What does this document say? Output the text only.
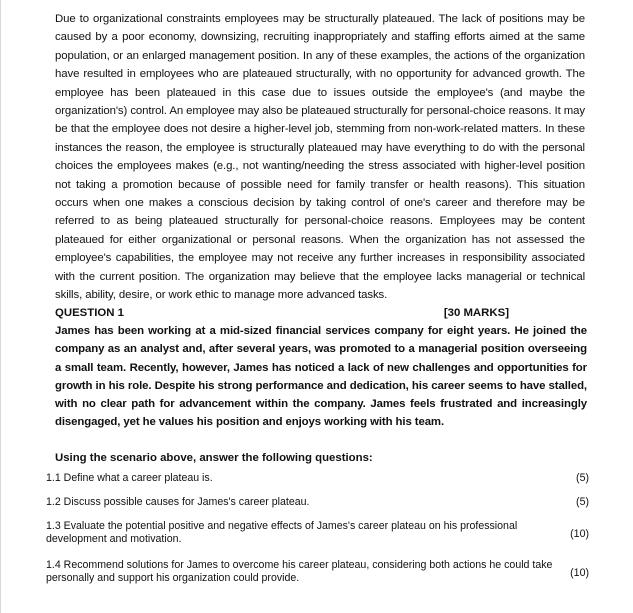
Due to organizational constraints employees may be structurally plateaued. The lack of positions may be caused by a poor economy, downsizing, recruiting inappropriately and staffing efforts aimed at the same population, or an enlarged management position. In any of these examples, the actions of the organization have resulted in employees who are plateaued structurally, with no opportunity for advanced growth. The employee has been plateaued in this case due to issues outside the employee's (and maybe the organization's) control. An employee may also be plateaued structurally for personal-choice reasons. It may be that the employee does not desire a higher-level job, stemming from non-work-related matters. In these instances the reason, the employee is structurally plateaued may have everything to do with the personal choices the employees makes (e.g., not wanting/needing the stress associated with higher-level position not taking a promotion because of possible need for family transfer or health reasons). This situation occurs when one makes a conscious decision by taking control of one's career and therefore may be referred to as being plateaued structurally for personal-choice reasons. Employees may be content plateaued for either organizational or personal reasons. When the organization has not assessed the employee's capabilities, the employee may not receive any further increases in responsibility associated with the current position. The organization may believe that the employee lacks managerial or technical skills, ability, desire, or work ethic to manage more advanced tasks.

QUESTION 1	[30 MARKS]

James has been working at a mid-sized financial services company for eight years. He joined the company as an analyst and, after several years, was promoted to a managerial position overseeing a small team. Recently, however, James has noticed a lack of new challenges and opportunities for growth in his role. Despite his strong performance and dedication, his career seems to have stalled, with no clear path for advancement within the company. James feels frustrated and increasingly disengaged, yet he values his position and enjoys working with his team.

Using the scenario above, answer the following questions:

1.1 Define what a career plateau is.	(5)

1.2 Discuss possible causes for James's career plateau.	(5)

1.3 Evaluate the potential positive and negative effects of James's career plateau on his professional development and motivation.	(10)

1.4 Recommend solutions for James to overcome his career plateau, considering both actions he could take personally and support his organization could provide.	(10)
